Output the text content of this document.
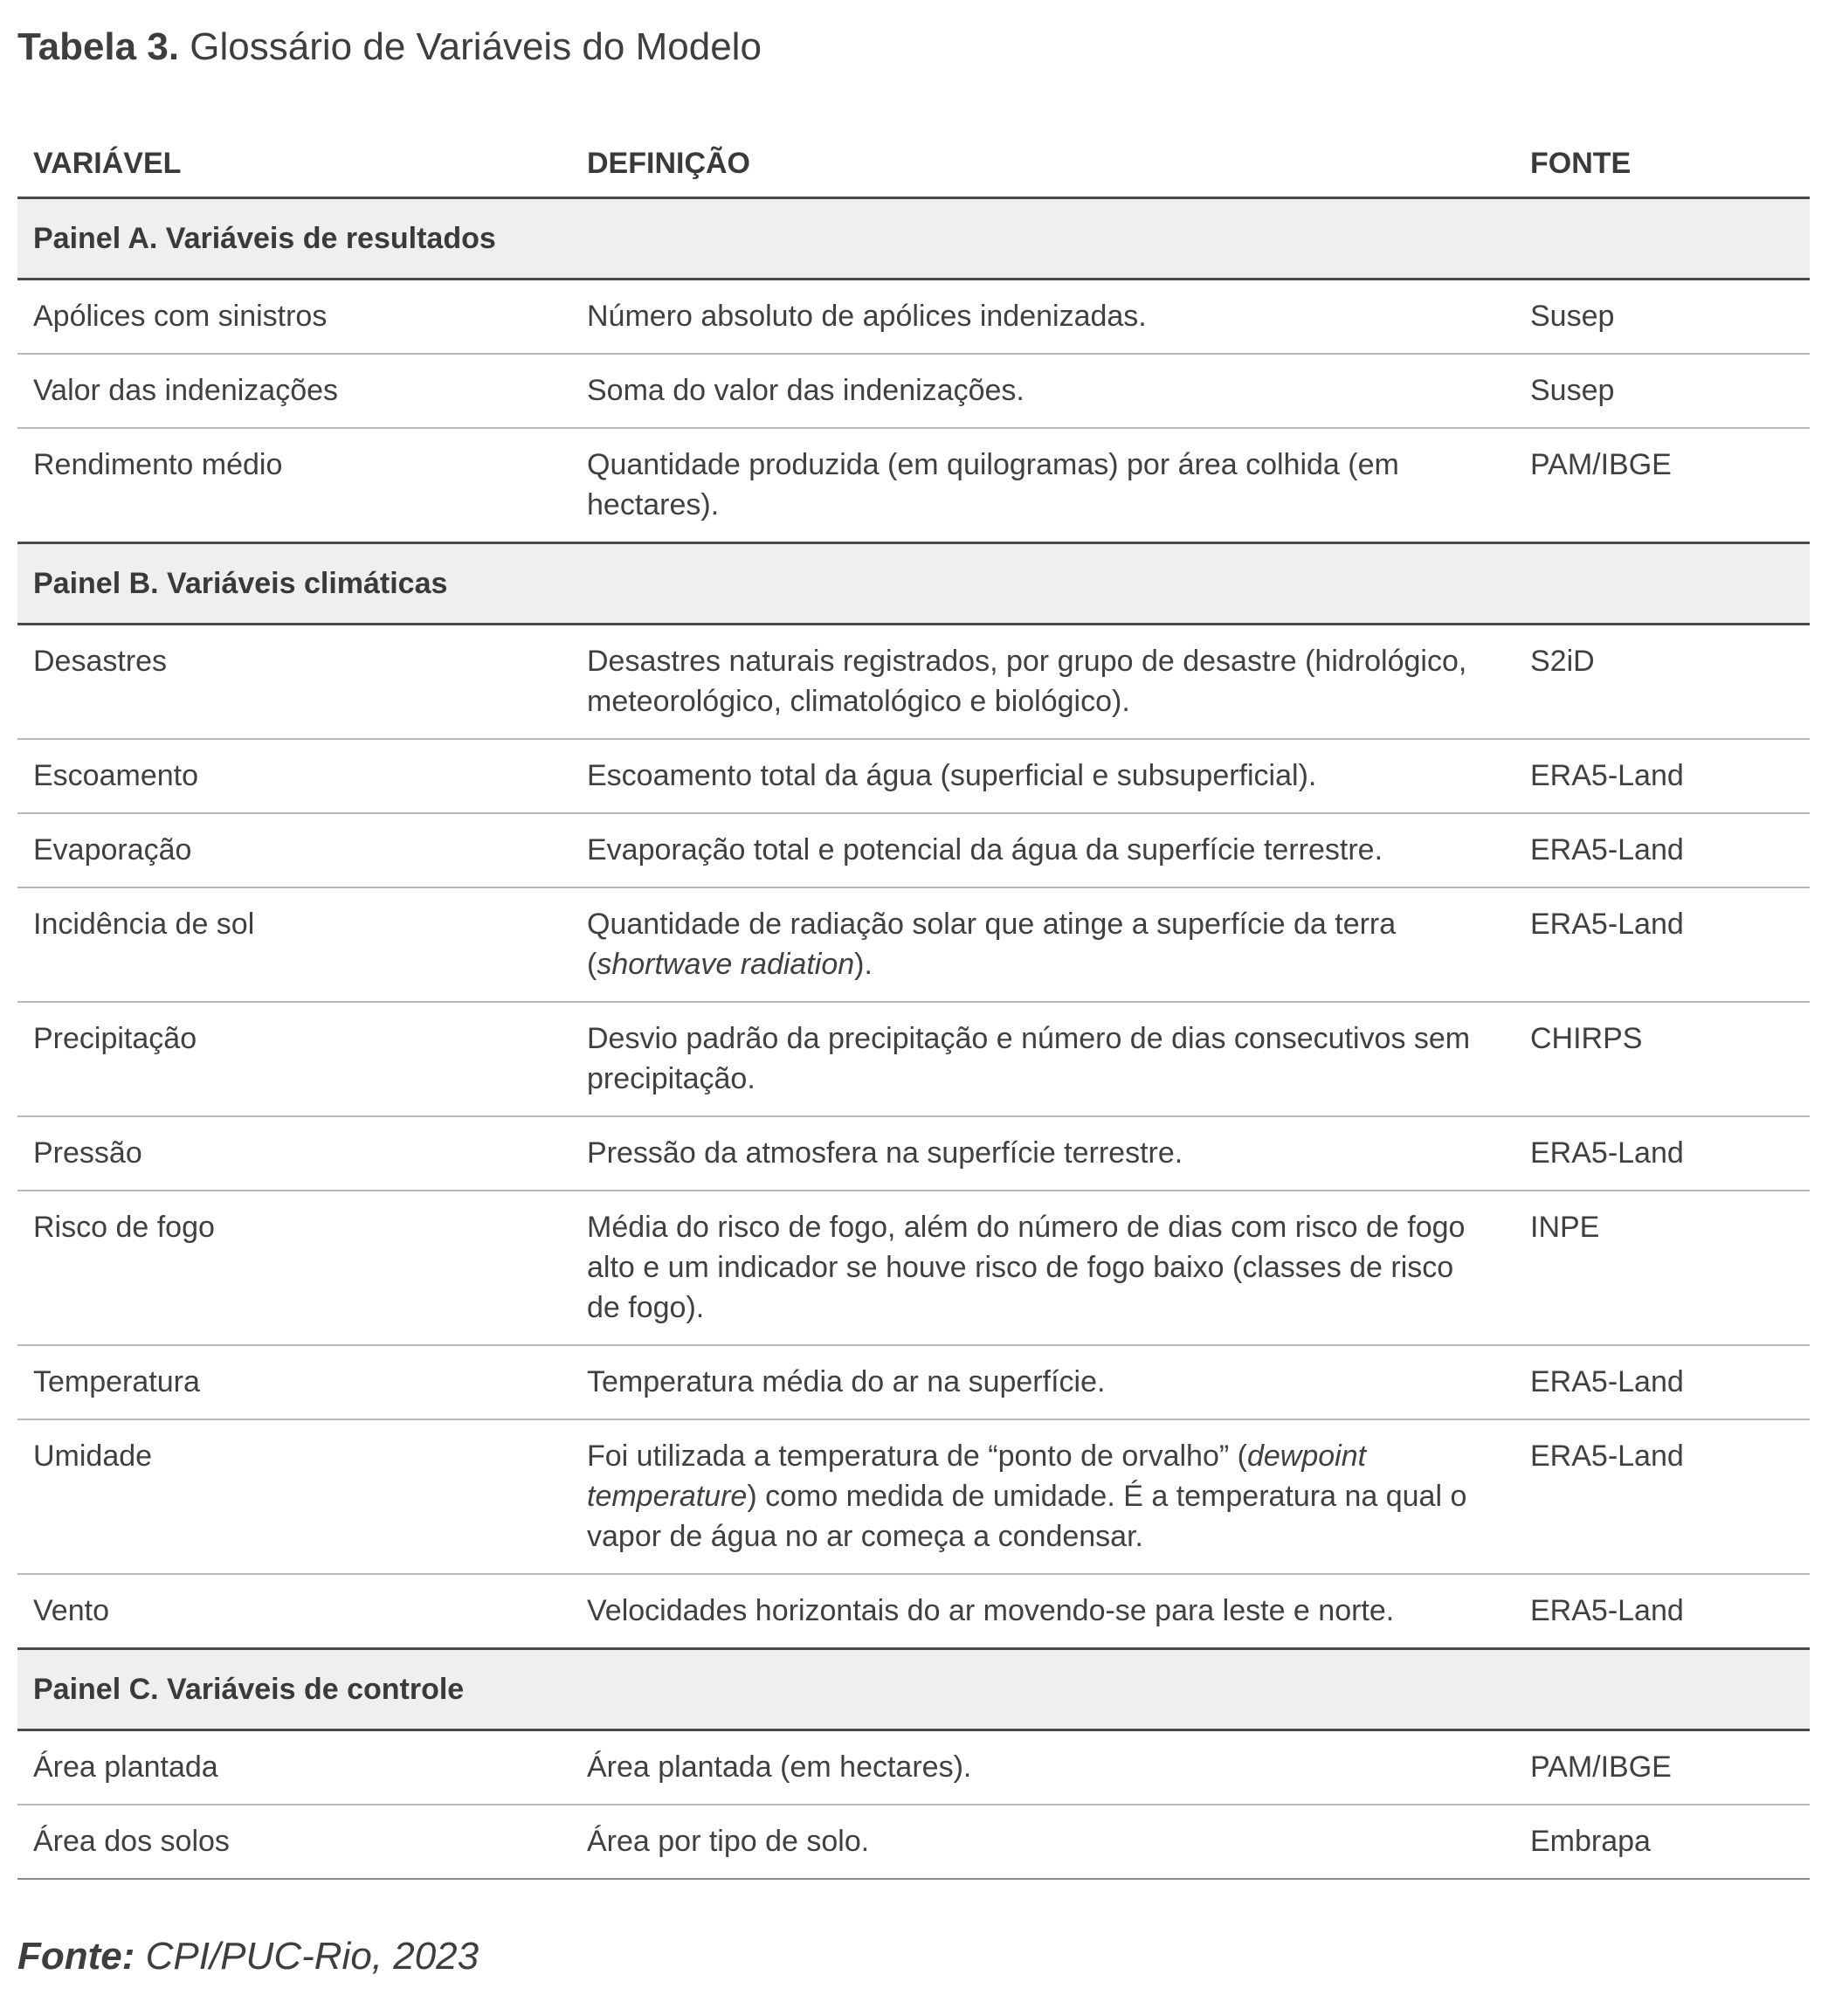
Tabela 3. Glossário de Variáveis do Modelo
VARIÁVEL	DEFINIÇÃO	FONTE
Painel A. Variáveis de resultados		
Apólices com sinistros	Número absoluto de apólices indenizadas.	Susep
Valor das indenizações	Soma do valor das indenizações.	Susep
Rendimento médio	Quantidade produzida (em quilogramas) por área colhida (em hectares).	PAM/IBGE
Painel B. Variáveis climáticas		
Desastres	Desastres naturais registrados, por grupo de desastre (hidrológico, meteorológico, climatológico e biológico).	S2iD
Escoamento	Escoamento total da água (superficial e subsuperficial).	ERA5-Land
Evaporação	Evaporação total e potencial da água da superfície terrestre.	ERA5-Land
Incidência de sol	Quantidade de radiação solar que atinge a superfície da terra (shortwave radiation).	ERA5-Land
Precipitação	Desvio padrão da precipitação e número de dias consecutivos sem precipitação.	CHIRPS
Pressão	Pressão da atmosfera na superfície terrestre.	ERA5-Land
Risco de fogo	Média do risco de fogo, além do número de dias com risco de fogo alto e um indicador se houve risco de fogo baixo (classes de risco de fogo).	INPE
Temperatura	Temperatura média do ar na superfície.	ERA5-Land
Umidade	Foi utilizada a temperatura de “ponto de orvalho” (dewpoint temperature) como medida de umidade. É a temperatura na qual o vapor de água no ar começa a condensar.	ERA5-Land
Vento	Velocidades horizontais do ar movendo-se para leste e norte.	ERA5-Land
Painel C. Variáveis de controle		
Área plantada	Área plantada (em hectares).	PAM/IBGE
Área dos solos	Área por tipo de solo.	Embrapa
Fonte: CPI/PUC-Rio, 2023
